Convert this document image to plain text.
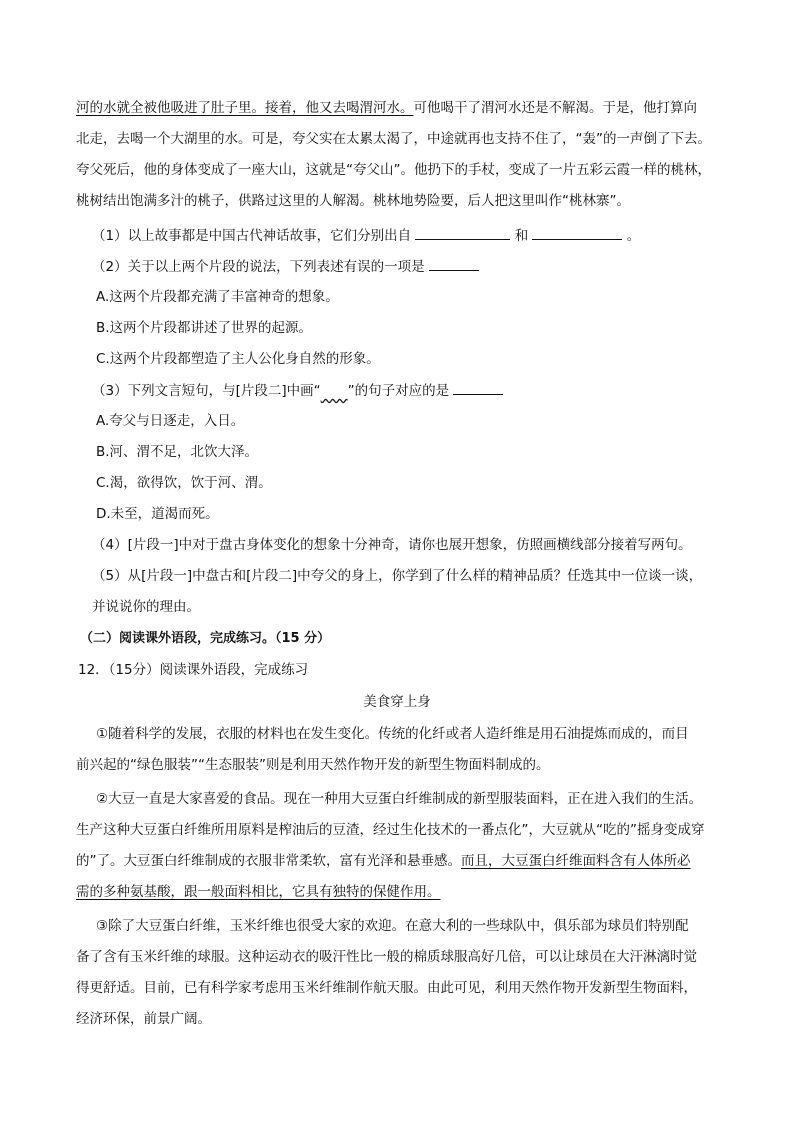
河的水就全被他吸进了肚子里。接着，他又去喝渭河水。可他喝干了渭河水还是不解渴。于是，他打算向
北走，去喝一个大湖里的水。可是，夸父实在太累太渴了，中途就再也支持不住了，“轰”的一声倒了下去。
夸父死后，他的身体变成了一座大山，这就是“夸父山”。他扔下的手杖，变成了一片五彩云霞一样的桃林，
桃树结出饱满多汁的桃子，供路过这里的人解渴。桃林地势险要，后人把这里叫作“桃林寨”。
（1）以上故事都是中国古代神话故事，它们分别出自	和	。
（2）关于以上两个片段的说法，下列表述有误的一项是
A.这两个片段都充满了丰富神奇的想象。
B.这两个片段都讲述了世界的起源。
C.这两个片段都塑造了主人公化身自然的形象。
（3）下列文言短句，与[片段二]中画“   ”的句子对应的是
A.夸父与日逐走，入日。
B.河、渭不足，北饮大泽。
C.渴，欲得饮，饮于河、渭。
D.未至，道渴而死。
（4）[片段一]中对于盘古身体变化的想象十分神奇，请你也展开想象，仿照画横线部分接着写两句。
（5）从[片段一]中盘古和[片段二]中夸父的身上，你学到了什么样的精神品质？任选其中一位谈一谈，
并说说你的理由。
（二）阅读课外语段，完成练习。（15 分）
12．（15分）阅读课外语段，完成练习
美食穿上身
①随着科学的发展，衣服的材料也在发生变化。传统的化纤或者人造纤维是用石油提炼而成的，而目
前兴起的“绿色服装”“生态服装”则是利用天然作物开发的新型生物面料制成的。
②大豆一直是大家喜爱的食品。现在一种用大豆蛋白纤维制成的新型服装面料，正在进入我们的生活。
生产这种大豆蛋白纤维所用原料是榨油后的豆渣，经过生化技术的一番点化”，大豆就从“吃的”摇身变成穿
的”了。大豆蛋白纤维制成的衣服非常柔软，富有光泽和悬垂感。而且，大豆蛋白纤维面料含有人体所必
需的多种氨基酸，跟一般面料相比，它具有独特的保健作用。
③除了大豆蛋白纤维，玉米纤维也很受大家的欢迎。在意大利的一些球队中，俱乐部为球员们特别配
备了含有玉米纤维的球服。这种运动衣的吸汗性比一般的棉质球服高好几倍，可以让球员在大汗淋漓时觉
得更舒适。目前，已有科学家考虑用玉米纤维制作航天服。由此可见，利用天然作物开发新型生物面料，
经济环保，前景广阔。
